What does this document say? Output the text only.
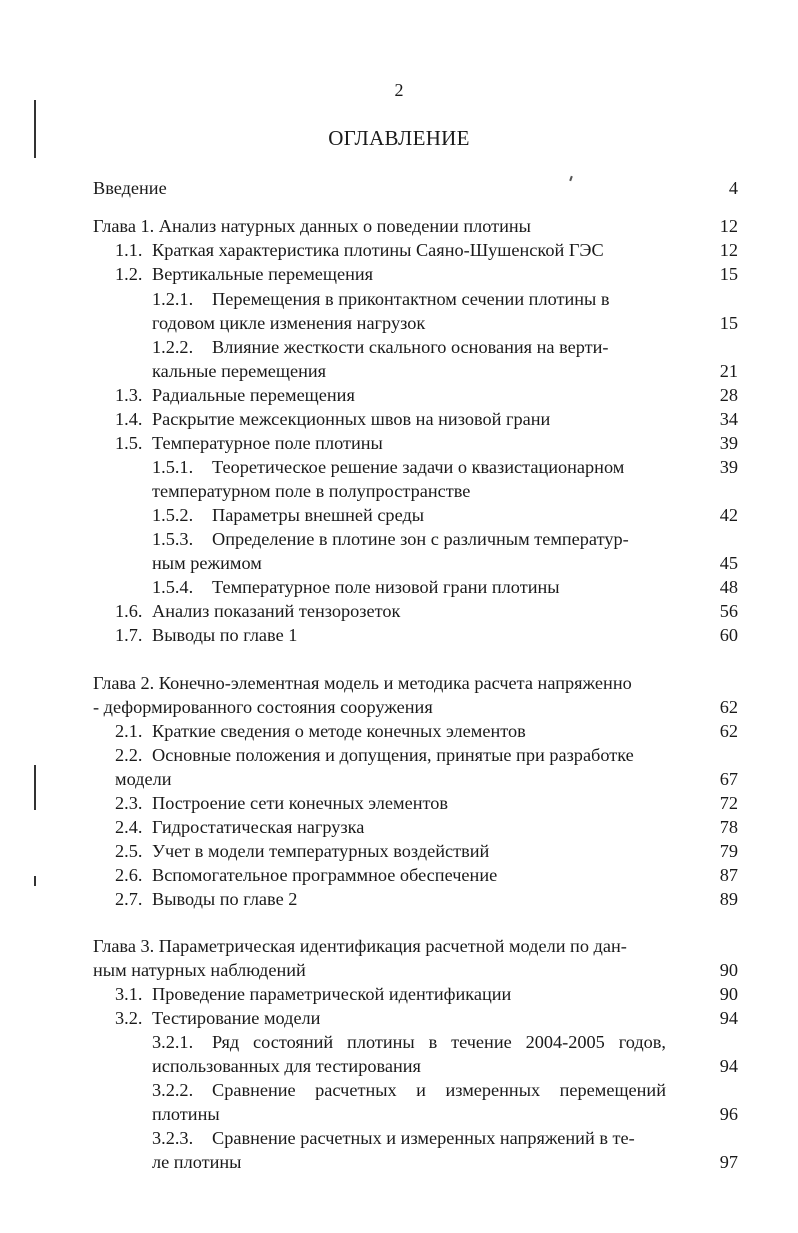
2
ОГЛАВЛЕНИЕ
Введение	4
Глава 1. Анализ натурных данных о поведении плотины	12
1.1. Краткая характеристика плотины Саяно-Шушенской ГЭС	12
1.2. Вертикальные перемещения	15
1.2.1. Перемещения в приконтактном сечении плотины в
годовом цикле изменения нагрузок	15
1.2.2. Влияние жесткости скального основания на верти-
кальные перемещения	21
1.3. Радиальные перемещения	28
1.4. Раскрытие межсекционных швов на низовой грани	34
1.5. Температурное поле плотины	39
1.5.1. Теоретическое решение задачи о квазистационарном	39
температурном поле в полупространстве
1.5.2. Параметры внешней среды	42
1.5.3. Определение в плотине зон с различным температур-
ным режимом	45
1.5.4. Температурное поле низовой грани плотины	48
1.6. Анализ показаний тензорозеток	56
1.7. Выводы по главе 1	60
Глава 2. Конечно-элементная модель и методика расчета напряженно
- деформированного состояния сооружения	62
2.1. Краткие сведения о методе конечных элементов	62
2.2. Основные положения и допущения, принятые при разработке
модели	67
2.3. Построение сети конечных элементов	72
2.4. Гидростатическая нагрузка	78
2.5. Учет в модели температурных воздействий	79
2.6. Вспомогательное программное обеспечение	87
2.7. Выводы по главе 2	89
Глава 3. Параметрическая идентификация расчетной модели по дан-
ным натурных наблюдений	90
3.1. Проведение параметрической идентификации	90
3.2. Тестирование модели	94
3.2.1. Ряд состояний плотины в течение 2004-2005 годов,
использованных для тестирования	94
3.2.2. Сравнение расчетных и измеренных перемещений
плотины	96
3.2.3. Сравнение расчетных и измеренных напряжений в те-
ле плотины	97
